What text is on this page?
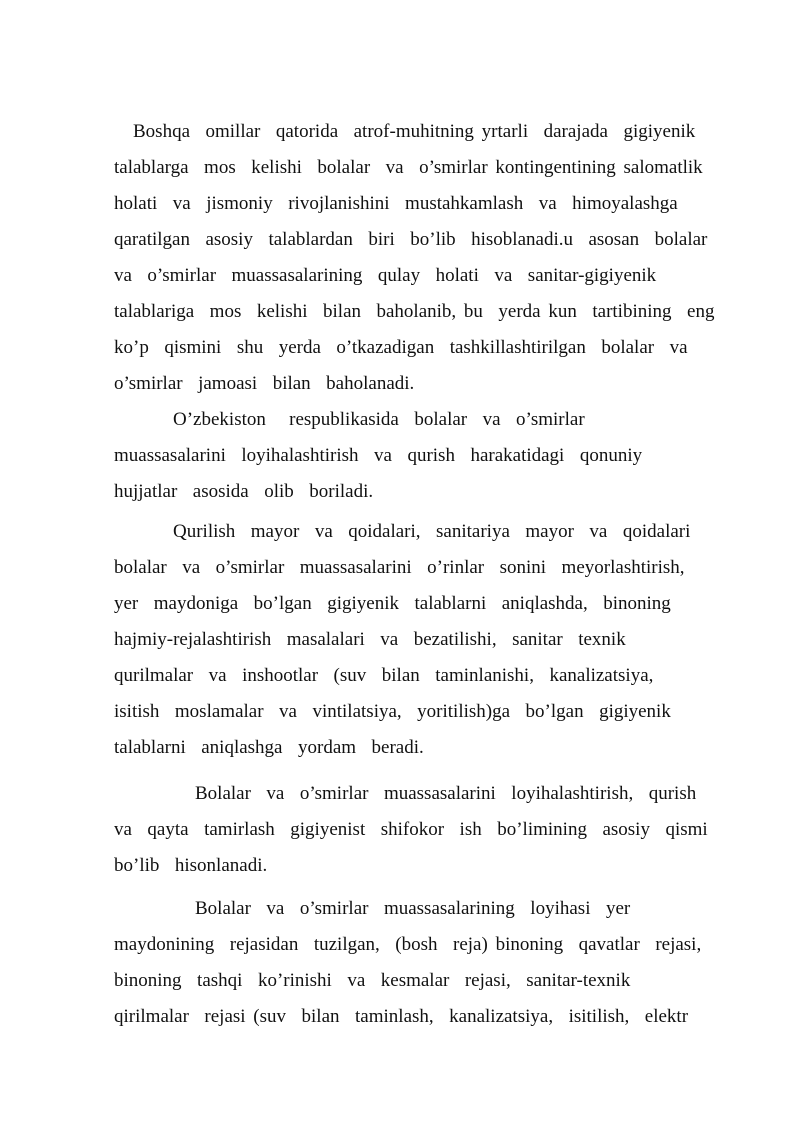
Boshqa  omillar  qatorida  atrof-muhitning yrtarli  darajada  gigiyenik
talablarga  mos  kelishi  bolalar  va  o’smirlar kontingentining salomatlik
holati  va  jismoniy  rivojlanishini  mustahkamlash  va  himoyalashga
qaratilgan  asosiy  talablardan  biri  bo’lib  hisoblanadi.u  asosan  bolalar
va  o’smirlar  muassasalarining  qulay  holati  va  sanitar-gigiyenik
talablariga  mos  kelishi  bilan  baholanib, bu  yerda kun  tartibining  eng
ko’p  qismini  shu  yerda  o’tkazadigan  tashkillashtirilgan  bolalar  va
o’smirlar  jamoasi  bilan  baholanadi.
O’zbekiston   respublikasida  bolalar  va  o’smirlar
muassasalarini  loyihalashtirish  va  qurish  harakatidagi  qonuniy
hujjatlar  asosida  olib  boriladi.
Qurilish  mayor  va  qoidalari,  sanitariya  mayor  va  qoidalari
bolalar  va  o’smirlar  muassasalarini  o’rinlar  sonini  meyorlashtirish,
yer  maydoniga  bo’lgan  gigiyenik  talablarni  aniqlashda,  binoning
hajmiy-rejalashtirish  masalalari  va  bezatilishi,  sanitar  texnik
qurilmalar  va  inshootlar  (suv  bilan  taminlanishi,  kanalizatsiya,
isitish  moslamalar  va  vintilatsiya,  yoritilish)ga  bo’lgan  gigiyenik
talablarni  aniqlashga  yordam  beradi.
Bolalar  va  o’smirlar  muassasalarini  loyihalashtirish,  qurish
va  qayta  tamirlash  gigiyenist  shifokor  ish  bo’limining  asosiy  qismi
bo’lib  hisonlanadi.
Bolalar  va  o’smirlar  muassasalarining  loyihasi  yer
maydonining  rejasidan  tuzilgan,  (bosh  reja) binoning  qavatlar  rejasi,
binoning  tashqi  ko’rinishi  va  kesmalar  rejasi,  sanitar-texnik
qirilmalar  rejasi (suv  bilan  taminlash,  kanalizatsiya,  isitilish,  elektr
